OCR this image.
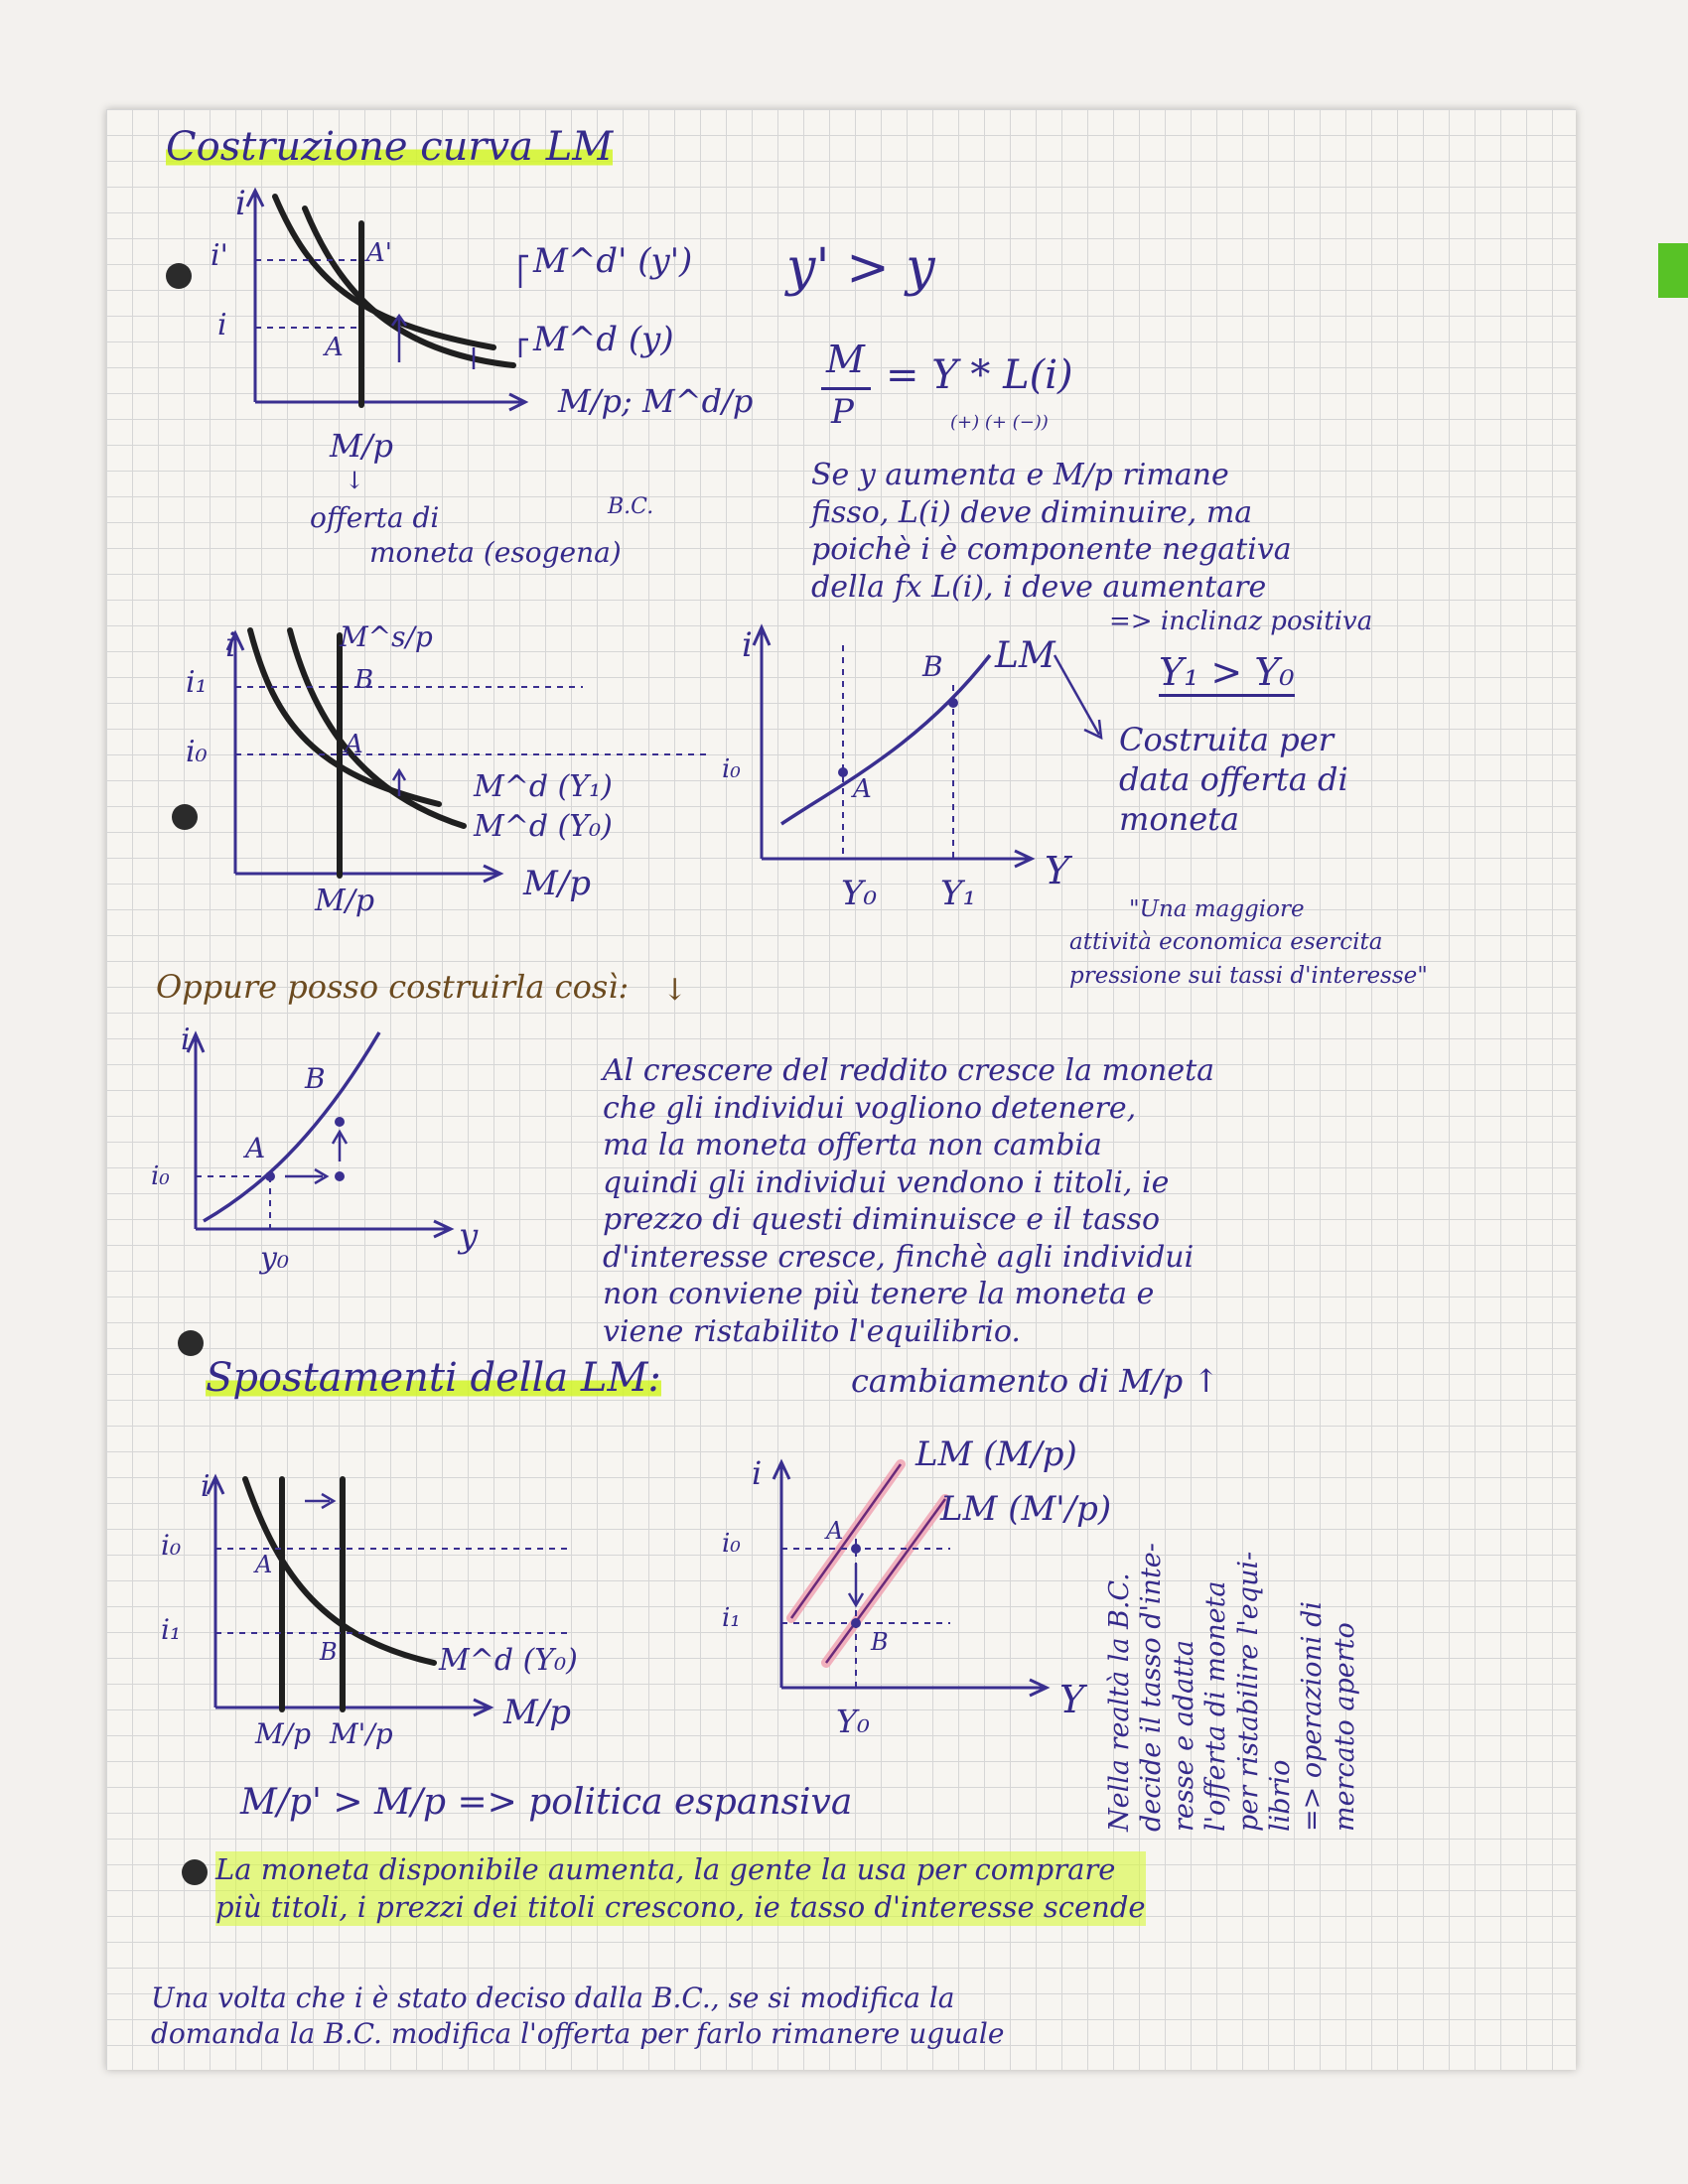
Costruzione curva LM
i
i'
i
A'
A
M^d' (y')
M^d (y)
M/p; M^d/p
M/p
↓
offerta di
moneta (esogena)
B.C.
y' > y
M
P
= Y * L(i)
(+) (+ (−))
Se y aumenta e M/p rimane
fisso, L(i) deve diminuire, ma
poichè i è componente negativa
della fx L(i), i deve aumentare
=> inclinaz positiva
i	M^s/p
i₁
i₀
B
A
M^d (Y₁)
M^d (Y₀)
M/p	M/p
i
i₀
B
A
LM
Y₀ Y₁
Y
Y₁ > Y₀
Costruita per
data offerta di
moneta
"Una maggiore
attività economica esercita
pressione sui tassi d'interesse"
Oppure posso costruirla così: ↓
i
i₀
B
A
y₀
y
Al crescere del reddito cresce la moneta
che gli individui vogliono detenere,
ma la moneta offerta non cambia
quindi gli individui vendono i titoli, ie
prezzo di questi diminuisce e il tasso
d'interesse cresce, finchè agli individui
non conviene più tenere la moneta e
viene ristabilito l'equilibrio.
Spostamenti della LM:	cambiamento di M/p ↑
i
i₀
i₁
A
B	M^d (Y₀)
M/p M'/p
M/p
i
i₀
i₁
A
B
LM (M/p)
LM (M'/p)
Y₀	Y Nella realtà la B.C. decide il tasso d'inte- resse e adatta l'offerta di moneta per ristabilire l'equi- librio => operazioni di mercato aperto
M/p' > M/p => politica espansiva
La moneta disponibile aumenta, la gente la usa per comprare
più titoli, i prezzi dei titoli crescono, ie tasso d'interesse scende
Una volta che i è stato deciso dalla B.C., se si modifica la
domanda la B.C. modifica l'offerta per farlo rimanere uguale
